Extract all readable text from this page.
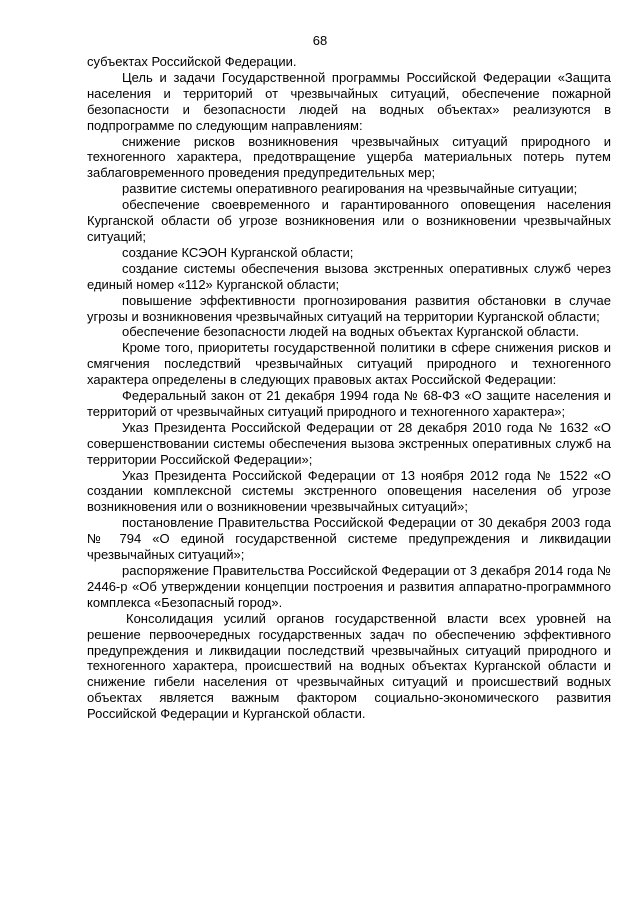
68

субъектах Российской Федерации.

Цель и задачи Государственной программы Российской Федерации «Защита населения и территорий от чрезвычайных ситуаций, обеспечение пожарной безопасности и безопасности людей на водных объектах» реализуются в подпрограмме по следующим направлениям:

снижение рисков возникновения чрезвычайных ситуаций природного и техногенного характера, предотвращение ущерба материальных потерь путем заблаговременного проведения предупредительных мер;

развитие системы оперативного реагирования на чрезвычайные ситуации;

обеспечение своевременного и гарантированного оповещения населения Курганской области об угрозе возникновения или о возникновении чрезвычайных ситуаций;

создание КСЭОН Курганской области;

создание системы обеспечения вызова экстренных оперативных служб через единый номер «112» Курганской области;

повышение эффективности прогнозирования развития обстановки в случае угрозы и возникновения чрезвычайных ситуаций на территории Курганской области;

обеспечение безопасности людей на водных объектах Курганской области.

Кроме того, приоритеты государственной политики в сфере снижения рисков и смягчения последствий чрезвычайных ситуаций природного и техногенного характера определены в следующих правовых актах Российской Федерации:

Федеральный закон от 21 декабря 1994 года № 68-ФЗ «О защите населения и территорий от чрезвычайных ситуаций природного и техногенного характера»;

Указ Президента Российской Федерации от 28 декабря 2010 года № 1632 «О совершенствовании системы обеспечения вызова экстренных оперативных служб на территории Российской Федерации»;

Указ Президента Российской Федерации от 13 ноября 2012 года № 1522 «О создании комплексной системы экстренного оповещения населения об угрозе возникновения или о возникновении чрезвычайных ситуаций»;

постановление Правительства Российской Федерации от 30 декабря 2003 года № 794 «О единой государственной системе предупреждения и ликвидации чрезвычайных ситуаций»;

распоряжение Правительства Российской Федерации от 3 декабря 2014 года № 2446-р «Об утверждении концепции построения и развития аппаратно-программного комплекса «Безопасный город».

Консолидация усилий органов государственной власти всех уровней на решение первоочередных государственных задач по обеспечению эффективного предупреждения и ликвидации последствий чрезвычайных ситуаций природного и техногенного характера, происшествий на водных объектах Курганской области и снижение гибели населения от чрезвычайных ситуаций и происшествий водных объектах является важным фактором социально-экономического развития Российской Федерации и Курганской области.
